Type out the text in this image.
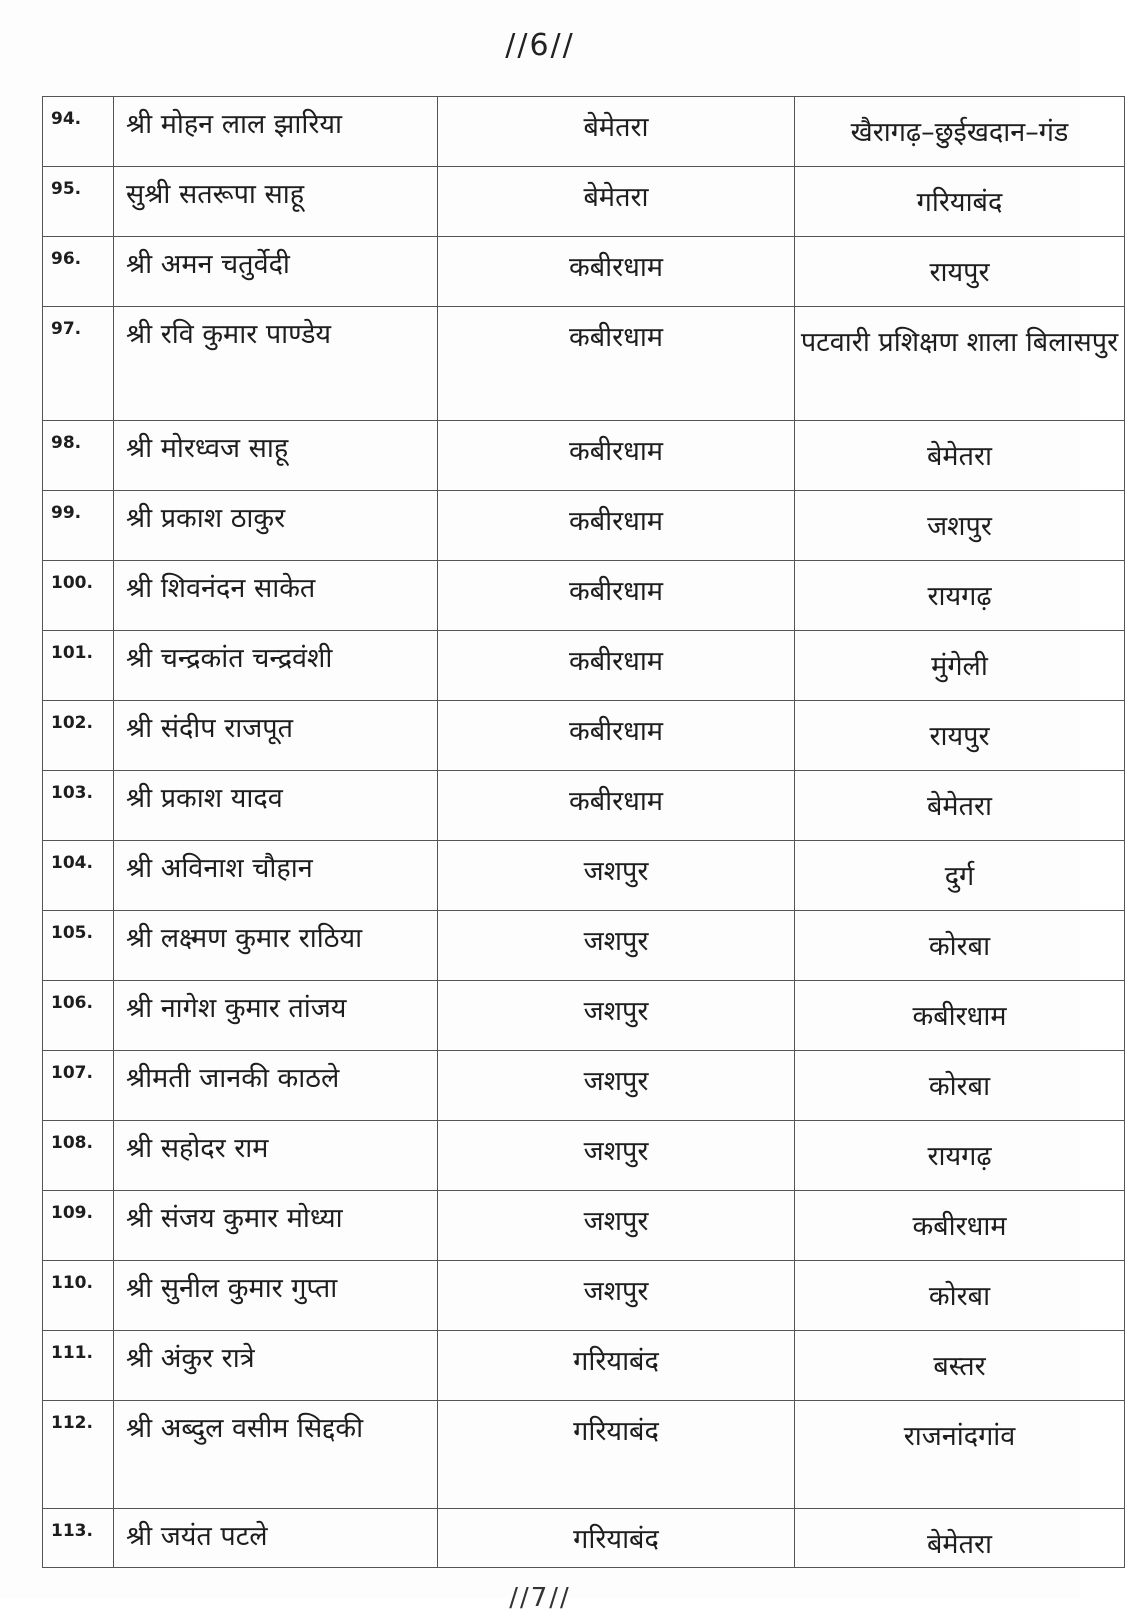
//6//
94.	श्री मोहन लाल झारिया	बेमेतरा	खैरागढ़–छुईखदान–गंड

95.	सुश्री सतरूपा साहू	बेमेतरा	गरियाबंद

96.	श्री अमन चतुर्वेदी	कबीरधाम	रायपुर

97.	श्री रवि कुमार पाण्डेय	कबीरधाम	पटवारी प्रशिक्षण शाला बिलासपुर
98.	श्री मोरध्वज साहू	कबीरधाम	बेमेतरा

99.	श्री प्रकाश ठाकुर	कबीरधाम	जशपुर

100.	श्री शिवनंदन साकेत	कबीरधाम	रायगढ़

101.	श्री चन्द्रकांत चन्द्रवंशी	कबीरधाम	मुंगेली

102.	श्री संदीप राजपूत	कबीरधाम	रायपुर

103.	श्री प्रकाश यादव	कबीरधाम	बेमेतरा

104.	श्री अविनाश चौहान	जशपुर	दुर्ग

105.	श्री लक्ष्मण कुमार राठिया	जशपुर	कोरबा

106.	श्री नागेश कुमार तांजय	जशपुर	कबीरधाम

107.	श्रीमती जानकी काठले	जशपुर	कोरबा

108.	श्री सहोदर राम	जशपुर	रायगढ़

109.	श्री संजय कुमार मोध्या	जशपुर	कबीरधाम

110.	श्री सुनील कुमार गुप्ता	जशपुर	कोरबा

111.	श्री अंकुर रात्रे	गरियाबंद	बस्तर

112.	श्री अब्दुल वसीम सिद्दकी	गरियाबंद	राजनांदगांव

113.	श्री जयंत पटले	गरियाबंद	बेमेतरा
//7//
